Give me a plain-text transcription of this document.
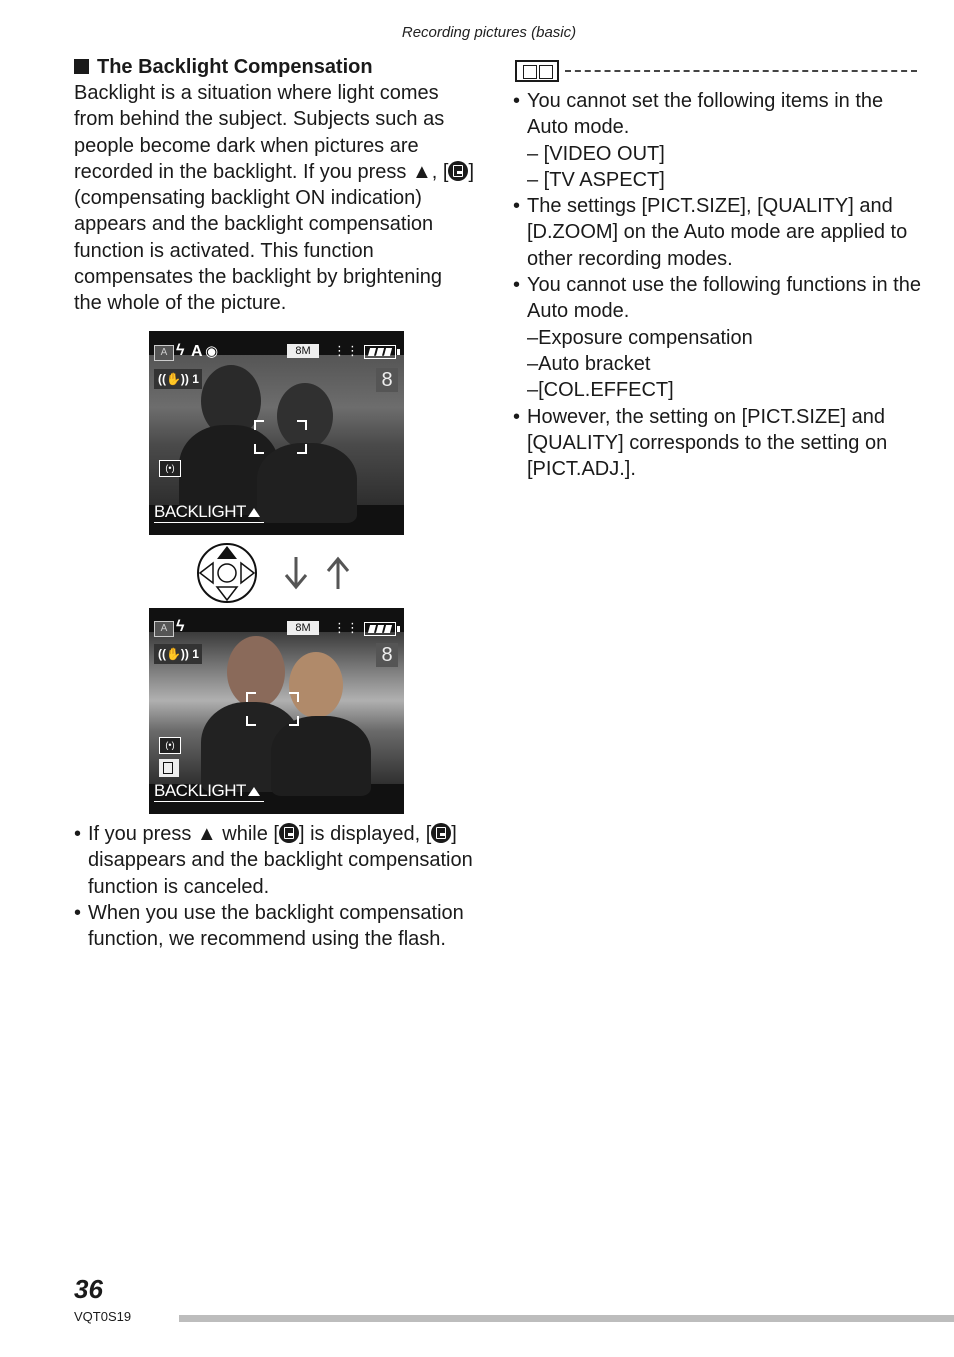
Recording pictures (basic)
The Backlight Compensation
Backlight is a situation where light comes from behind the subject. Subjects such as people become dark when pictures are recorded in the backlight. If you press ▲, [ ] (compensating backlight ON indication) appears and the backlight compensation function is activated. This function compensates the backlight by brightening the whole of the picture.
A ϟ A ◉	8M	⋮⋮
((✋)) 1	8
(•)
BACKLIGHT
A ϟ	8M	⋮⋮
((✋)) 1	8
(•)
BACKLIGHT
• If you press ▲ while [ ] is displayed, [ ] disappears and the backlight compensation function is canceled.
• When you use the backlight compensation function, we recommend using the flash.
• You cannot set the following items in the Auto mode.
– [VIDEO OUT]
– [TV ASPECT]
• The settings [PICT.SIZE], [QUALITY] and [D.ZOOM] on the Auto mode are applied to other recording modes.
• You cannot use the following functions in the Auto mode.
–Exposure compensation
–Auto bracket
–[COL.EFFECT]
• However, the setting on [PICT.SIZE] and [QUALITY] corresponds to the setting on [PICT.ADJ.].
36
VQT0S19
